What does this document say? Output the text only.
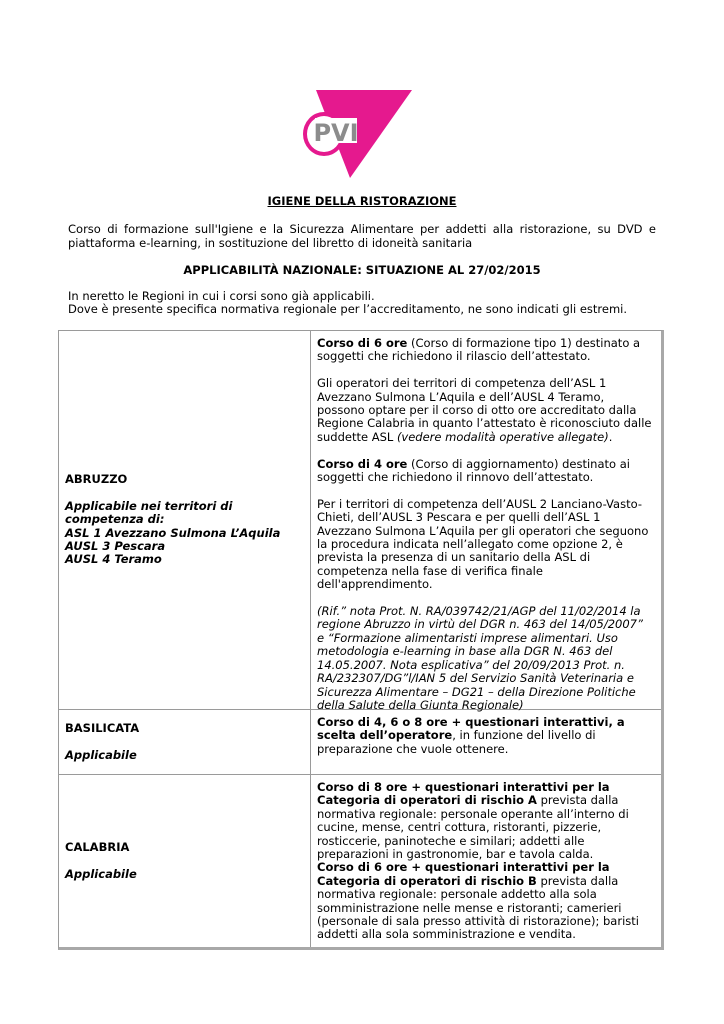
PVI
IGIENE DELLA RISTORAZIONE
Corso di formazione sull'Igiene e la Sicurezza Alimentare per addetti alla ristorazione, su DVD e piattaforma e-learning, in sostituzione del libretto di idoneità sanitaria
APPLICABILITÀ NAZIONALE: SITUAZIONE AL 27/02/2015
In neretto le Regioni in cui i corsi sono già applicabili.
Dove è presente specifica normativa regionale per l’accreditamento, ne sono indicati gli estremi.
ABRUZZO
Applicabile nei territori di competenza di:
ASL 1 Avezzano Sulmona L’Aquila
AUSL 3 Pescara
AUSL 4 Teramo

Corso di 6 ore (Corso di formazione tipo 1) destinato a soggetti che richiedono il rilascio dell’attestato.

Gli operatori dei territori di competenza dell’ASL 1 Avezzano Sulmona L’Aquila e dell’AUSL 4 Teramo, possono optare per il corso di otto ore accreditato dalla Regione Calabria in quanto l’attestato è riconosciuto dalle suddette ASL (vedere modalità operative allegate).

Corso di 4 ore (Corso di aggiornamento) destinato ai soggetti che richiedono il rinnovo dell’attestato.

Per i territori di competenza dell’AUSL 2 Lanciano-Vasto-Chieti, dell’AUSL 3 Pescara e per quelli dell’ASL 1 Avezzano Sulmona L’Aquila per gli operatori che seguono la procedura indicata nell’allegato come opzione 2, è prevista la presenza di un sanitario della ASL di competenza nella fase di verifica finale dell'apprendimento.

(Rif.” nota Prot. N. RA/039742/21/AGP del 11/02/2014 la regione Abruzzo in virtù del DGR n. 463 del 14/05/2007” e “Formazione alimentaristi imprese alimentari. Uso metodologia e-learning in base alla DGR N. 463 del 14.05.2007. Nota esplicativa” del 20/09/2013 Prot. n. RA/232307/DG”l/IAN 5 del Servizio Sanità Veterinaria e Sicurezza Alimentare – DG21 – della Direzione Politiche della Salute della Giunta Regionale)

BASILICATA
Applicabile

Corso di 4, 6 o 8 ore + questionari interattivi, a scelta dell’operatore, in funzione del livello di preparazione che vuole ottenere.

CALABRIA
Applicabile

Corso di 8 ore + questionari interattivi per la Categoria di operatori di rischio A prevista dalla normativa regionale: personale operante all’interno di cucine, mense, centri cottura, ristoranti, pizzerie, rosticcerie, paninoteche e similari; addetti alle preparazioni in gastronomie, bar e tavola calda.

Corso di 6 ore + questionari interattivi per la Categoria di operatori di rischio B prevista dalla normativa regionale: personale addetto alla sola somministrazione nelle mense e ristoranti; camerieri (personale di sala presso attività di ristorazione); baristi addetti alla sola somministrazione e vendita.
